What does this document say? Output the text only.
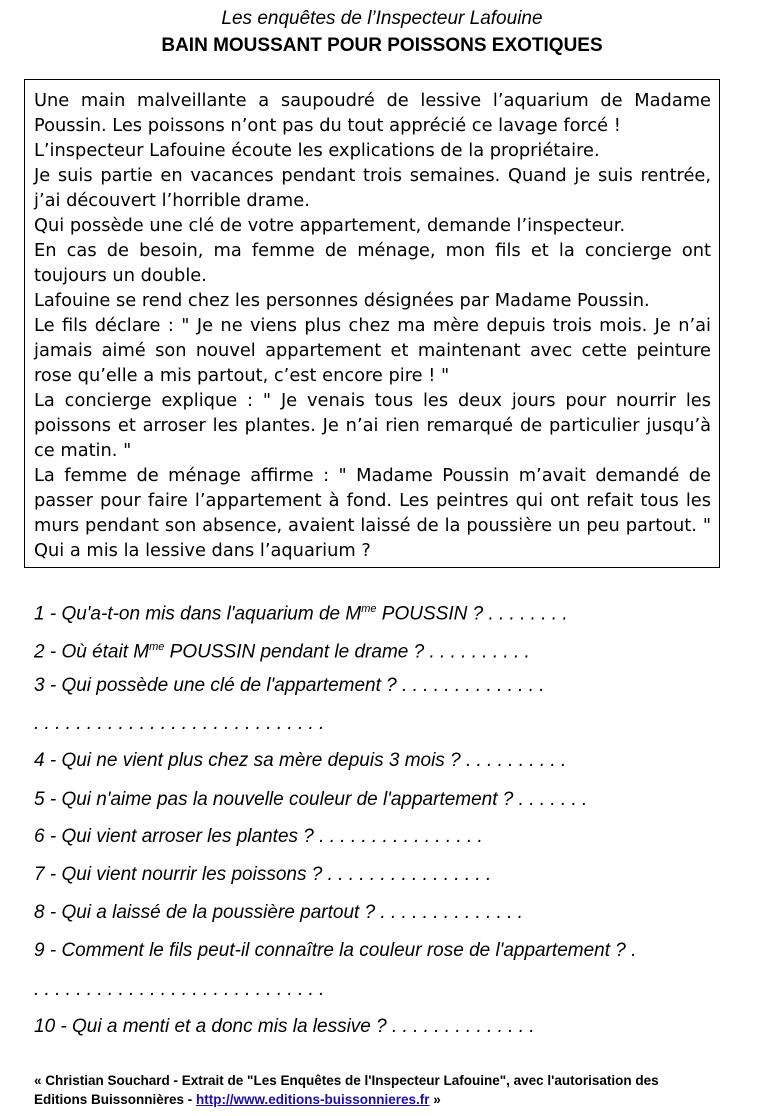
Les enquêtes de l’Inspecteur Lafouine
BAIN MOUSSANT POUR POISSONS EXOTIQUES
Une main malveillante a saupoudré de lessive l’aquarium de Madame
Poussin. Les poissons n’ont pas du tout apprécié ce lavage forcé !
L’inspecteur Lafouine écoute les explications de la propriétaire.
Je suis partie en vacances pendant trois semaines. Quand je suis rentrée,
j’ai découvert l’horrible drame.
Qui possède une clé de votre appartement, demande l’inspecteur.
En cas de besoin, ma femme de ménage, mon fils et la concierge ont
toujours un double.
Lafouine se rend chez les personnes désignées par Madame Poussin.
Le fils déclare : " Je ne viens plus chez ma mère depuis trois mois. Je n’ai
jamais aimé son nouvel appartement et maintenant avec cette peinture
rose qu’elle a mis partout, c’est encore pire ! "
La concierge explique : " Je venais tous les deux jours pour nourrir les
poissons et arroser les plantes. Je n’ai rien remarqué de particulier jusqu’à
ce matin. "
La femme de ménage affirme : " Madame Poussin m’avait demandé de
passer pour faire l’appartement à fond. Les peintres qui ont refait tous les
murs pendant son absence, avaient laissé de la poussière un peu partout. "
Qui a mis la lessive dans l’aquarium ?
1 - Qu'a-t-on mis dans l'aquarium de $M^{me}$ POUSSIN ? . . . . . . . .
2 - Où était $M^{me}$ POUSSIN pendant le drame ? . . . . . . . . . .
3 - Qui possède une clé de l'appartement ? . . . . . . . . . . . . . .
. . . . . . . . . . . . . . . . . . . . . . . . . . . .
4 - Qui ne vient plus chez sa mère depuis 3 mois ? . . . . . . . . . .
5 - Qui n'aime pas la nouvelle couleur de l'appartement ? . . . . . . .
6 - Qui vient arroser les plantes ? . . . . . . . . . . . . . . . .
7 - Qui vient nourrir les poissons ? . . . . . . . . . . . . . . . .
8 - Qui a laissé de la poussière partout ? . . . . . . . . . . . . . .
9 - Comment le fils peut-il connaître la couleur rose de l'appartement ? .
. . . . . . . . . . . . . . . . . . . . . . . . . . . .
10 - Qui a menti et a donc mis la lessive ? . . . . . . . . . . . . . .
« Christian Souchard - Extrait de "Les Enquêtes de l'Inspecteur Lafouine", avec l'autorisation des
Editions Buissonnières - http://www.editions-buissonnieres.fr »
